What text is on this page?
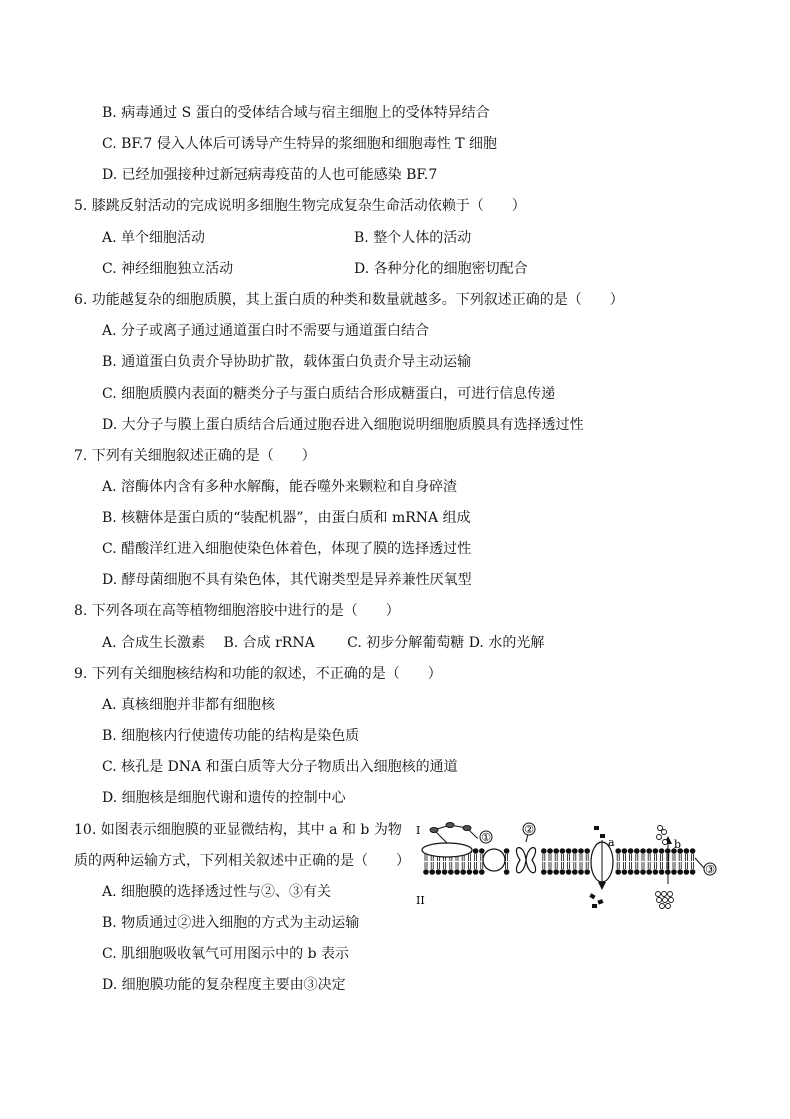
B. 病毒通过 S 蛋白的受体结合域与宿主细胞上的受体特异结合
C. BF.7 侵入人体后可诱导产生特异的浆细胞和细胞毒性 T 细胞
D. 已经加强接种过新冠病毒疫苗的人也可能感染 BF.7
5. 膝跳反射活动的完成说明多细胞生物完成复杂生命活动依赖于（　　）
A. 单个细胞活动	B. 整个人体的活动
C. 神经细胞独立活动	D. 各种分化的细胞密切配合
6. 功能越复杂的细胞质膜，其上蛋白质的种类和数量就越多。下列叙述正确的是（　　）
A. 分子或离子通过通道蛋白时不需要与通道蛋白结合
B. 通道蛋白负责介导协助扩散，载体蛋白负责介导主动运输
C. 细胞质膜内表面的糖类分子与蛋白质结合形成糖蛋白，可进行信息传递
D. 大分子与膜上蛋白质结合后通过胞吞进入细胞说明细胞质膜具有选择透过性
7. 下列有关细胞叙述正确的是（　　）
A. 溶酶体内含有多种水解酶，能吞噬外来颗粒和自身碎渣
B. 核糖体是蛋白质的“装配机器”，由蛋白质和 mRNA 组成
C. 醋酸洋红进入细胞使染色体着色，体现了膜的选择透过性
D. 酵母菌细胞不具有染色体，其代谢类型是异养兼性厌氧型
8. 下列各项在高等植物细胞溶胶中进行的是（　　）
A. 合成生长激素　 B. 合成 rRNA　　 C. 初步分解葡萄糖 D. 水的光解
9. 下列有关细胞核结构和功能的叙述，不正确的是（　　）
A. 真核细胞并非都有细胞核
B. 细胞核内行使遗传功能的结构是染色质
C. 核孔是 DNA 和蛋白质等大分子物质出入细胞核的通道
D. 细胞核是细胞代谢和遗传的控制中心
10. 如图表示细胞膜的亚显微结构，其中 a 和 b 为物
质的两种运输方式，下列相关叙述中正确的是（　　）
A. 细胞膜的选择透过性与②、③有关
B. 物质通过②进入细胞的方式为主动运输
C. 肌细胞吸收氧气可用图示中的 b 表示
D. 细胞膜功能的复杂程度主要由③决定
①
I
II
②
a	b
③
